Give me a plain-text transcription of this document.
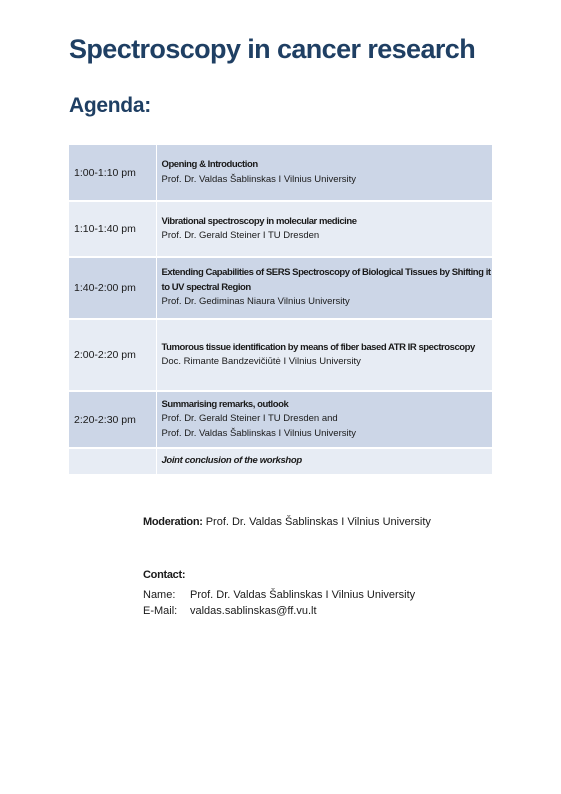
Spectroscopy in cancer research
Agenda:
1:00-1:10 pm	Opening & Introduction
Prof. Dr. Valdas Šablinskas I Vilnius University

1:10-1:40 pm	Vibrational spectroscopy in molecular medicine
Prof. Dr. Gerald Steiner I TU Dresden

1:40-2:00 pm	Extending Capabilities of SERS Spectroscopy of Biological Tissues by Shifting it to UV spectral Region
Prof. Dr. Gediminas Niaura Vilnius University

2:00-2:20 pm	Tumorous tissue identification by means of fiber based ATR IR spectroscopy
Doc. Rimante Bandzevičiūtė I Vilnius University

2:20-2:30 pm	Summarising remarks, outlook
Prof. Dr. Gerald Steiner I TU Dresden and
Prof. Dr. Valdas Šablinskas I Vilnius University

	Joint conclusion of the workshop
Moderation: Prof. Dr. Valdas Šablinskas I Vilnius University
Contact:
Name: Prof. Dr. Valdas Šablinskas I Vilnius University
E-Mail: valdas.sablinskas@ff.vu.lt
